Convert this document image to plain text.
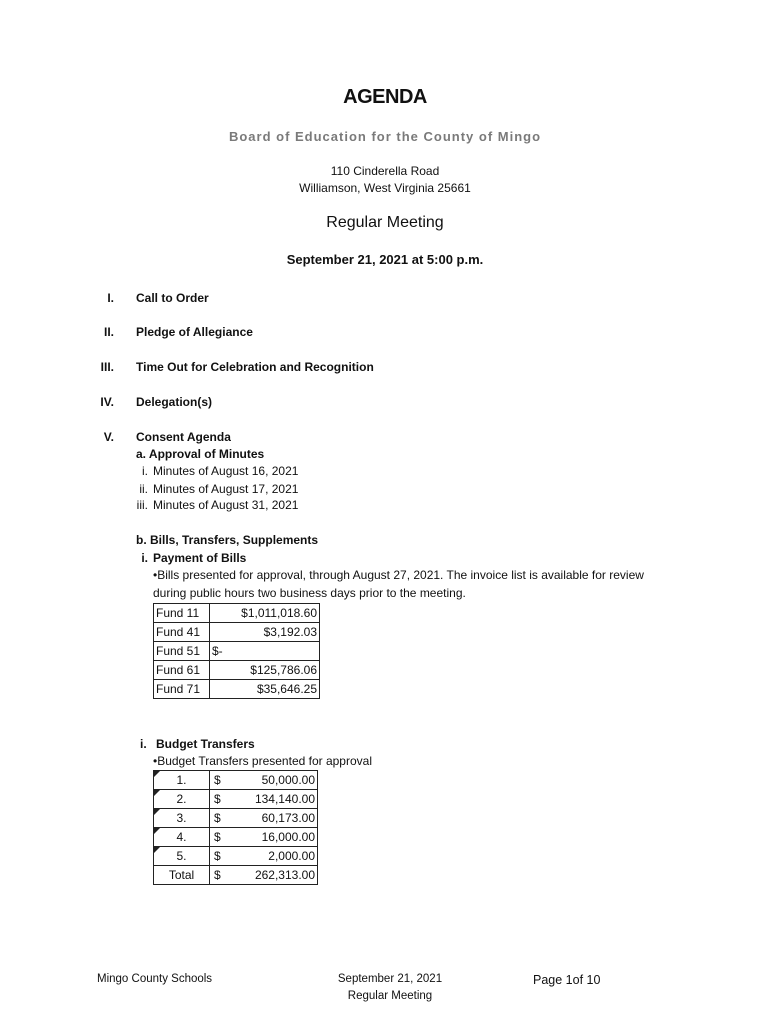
AGENDA
Board of Education for the County of Mingo
110 Cinderella Road
Williamson, West Virginia 25661
Regular Meeting
September 21, 2021 at 5:00 p.m.
I. Call to Order
II. Pledge of Allegiance
III. Time Out for Celebration and Recognition
IV. Delegation(s)
V. Consent Agenda
a. Approval of Minutes
i. Minutes of August 16, 2021
ii. Minutes of August 17, 2021
iii. Minutes of August 31, 2021
b. Bills, Transfers, Supplements
i. Payment of Bills
•Bills presented for approval, through August 27, 2021. The invoice list is available for review
during public hours two business days prior to the meeting.
Fund 11	$1,011,018.60
Fund 41	$3,192.03
Fund 51	$-
Fund 61	$125,786.06
Fund 71	$35,646.25
i. Budget Transfers
•Budget Transfers presented for approval
1.	$	50,000.00

2.	$	134,140.00

3.	$	60,173.00

4.	$	16,000.00

5.	$	2,000.00
Total	$	262,313.00
Mingo County Schools	September 21, 2021
Regular Meeting
Page 1of 10
